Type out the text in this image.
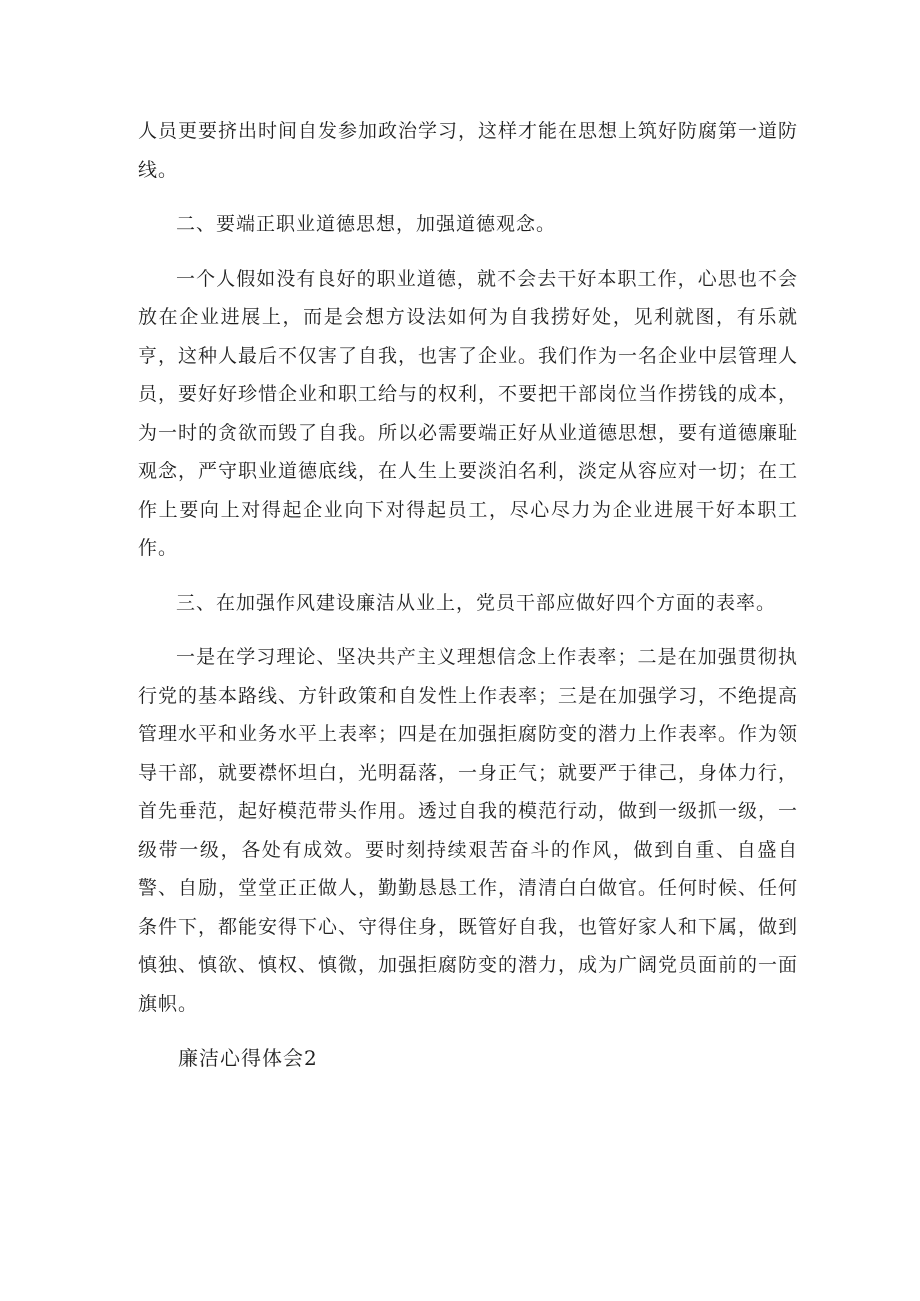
人员更要挤出时间自发参加政治学习，这样才能在思想上筑好防腐第一道防线。

二、要端正职业道德思想，加强道德观念。

一个人假如没有良好的职业道德，就不会去干好本职工作，心思也不会放在企业进展上，而是会想方设法如何为自我捞好处，见利就图，有乐就亨，这种人最后不仅害了自我，也害了企业。我们作为一名企业中层管理人员，要好好珍惜企业和职工给与的权利，不要把干部岗位当作捞钱的成本，为一时的贪欲而毁了自我。所以必需要端正好从业道德思想，要有道德廉耻观念，严守职业道德底线，在人生上要淡泊名利，淡定从容应对一切；在工作上要向上对得起企业向下对得起员工，尽心尽力为企业进展干好本职工作。

三、在加强作风建设廉洁从业上，党员干部应做好四个方面的表率。

一是在学习理论、坚决共产主义理想信念上作表率；二是在加强贯彻执行党的基本路线、方针政策和自发性上作表率；三是在加强学习，不绝提高管理水平和业务水平上表率；四是在加强拒腐防变的潜力上作表率。作为领导干部，就要襟怀坦白，光明磊落，一身正气；就要严于律己，身体力行，首先垂范，起好模范带头作用。透过自我的模范行动，做到一级抓一级，一级带一级，各处有成效。要时刻持续艰苦奋斗的作风，做到自重、自盛自警、自励，堂堂正正做人，勤勤恳恳工作，清清白白做官。任何时候、任何条件下，都能安得下心、守得住身，既管好自我，也管好家人和下属，做到慎独、慎欲、慎权、慎微，加强拒腐防变的潜力，成为广阔党员面前的一面旗帜。

廉洁心得体会2
